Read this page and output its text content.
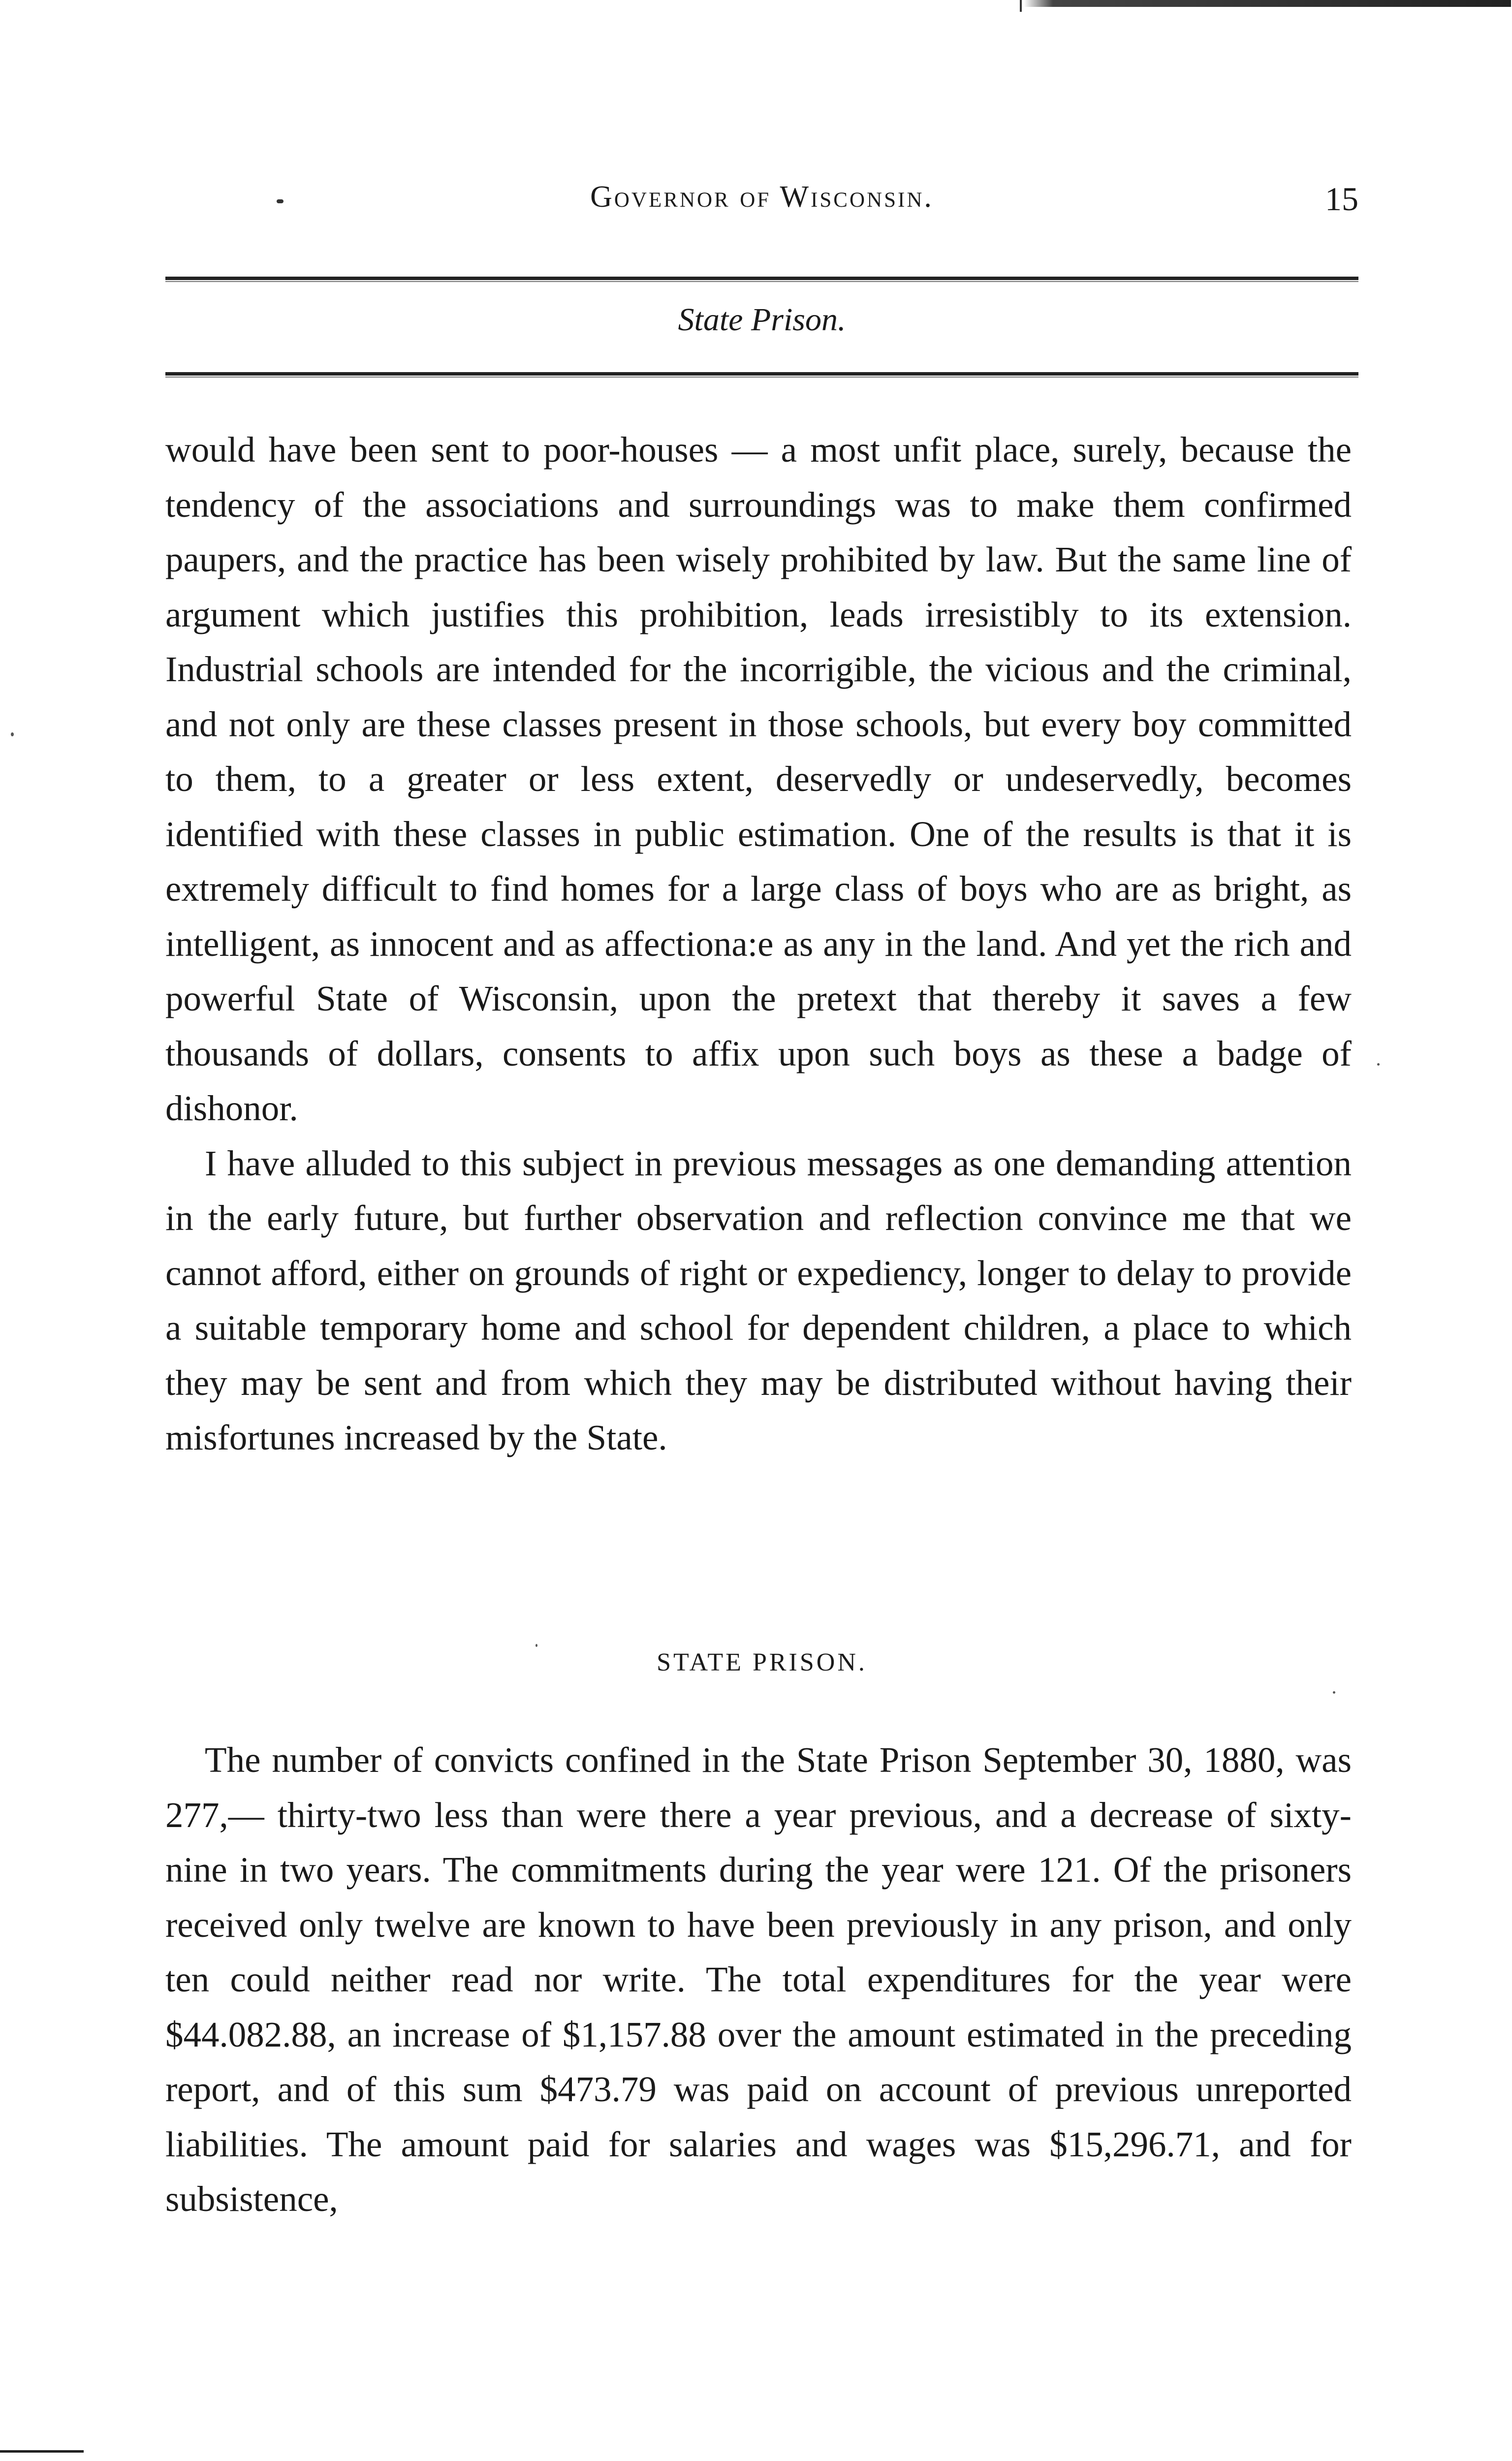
Governor of Wisconsin.	15
State Prison.

would have been sent to poor-houses — a most unfit place, surely, because the tendency of the associations and surroundings was to make them confirmed paupers, and the practice has been wisely prohibited by law. But the same line of argument which justifies this prohibition, leads irresistibly to its extension. Industrial schools are intended for the incorrigible, the vicious and the criminal, and not only are these classes present in those schools, but every boy committed to them, to a greater or less extent, deservedly or undeservedly, becomes identified with these classes in public estimation. One of the results is that it is extremely difficult to find homes for a large class of boys who are as bright, as intelligent, as innocent and as affectiona:e as any in the land. And yet the rich and powerful State of Wisconsin, upon the pretext that thereby it saves a few thousands of dollars, consents to affix upon such boys as these a badge of dishonor.

I have alluded to this subject in previous messages as one demanding attention in the early future, but further observation and reflection convince me that we cannot afford, either on grounds of right or expediency, longer to delay to provide a suitable temporary home and school for dependent children, a place to which they may be sent and from which they may be distributed without having their misfortunes increased by the State.

STATE PRISON.

The number of convicts confined in the State Prison September 30, 1880, was 277,— thirty-two less than were there a year previous, and a decrease of sixty-nine in two years. The commitments during the year were 121. Of the prisoners received only twelve are known to have been previously in any prison, and only ten could neither read nor write. The total expenditures for the year were $44.082.88, an increase of $1,157.88 over the amount estimated in the preceding report, and of this sum $473.79 was paid on account of previous unreported liabilities. The amount paid for salaries and wages was $15,296.71, and for subsistence,
